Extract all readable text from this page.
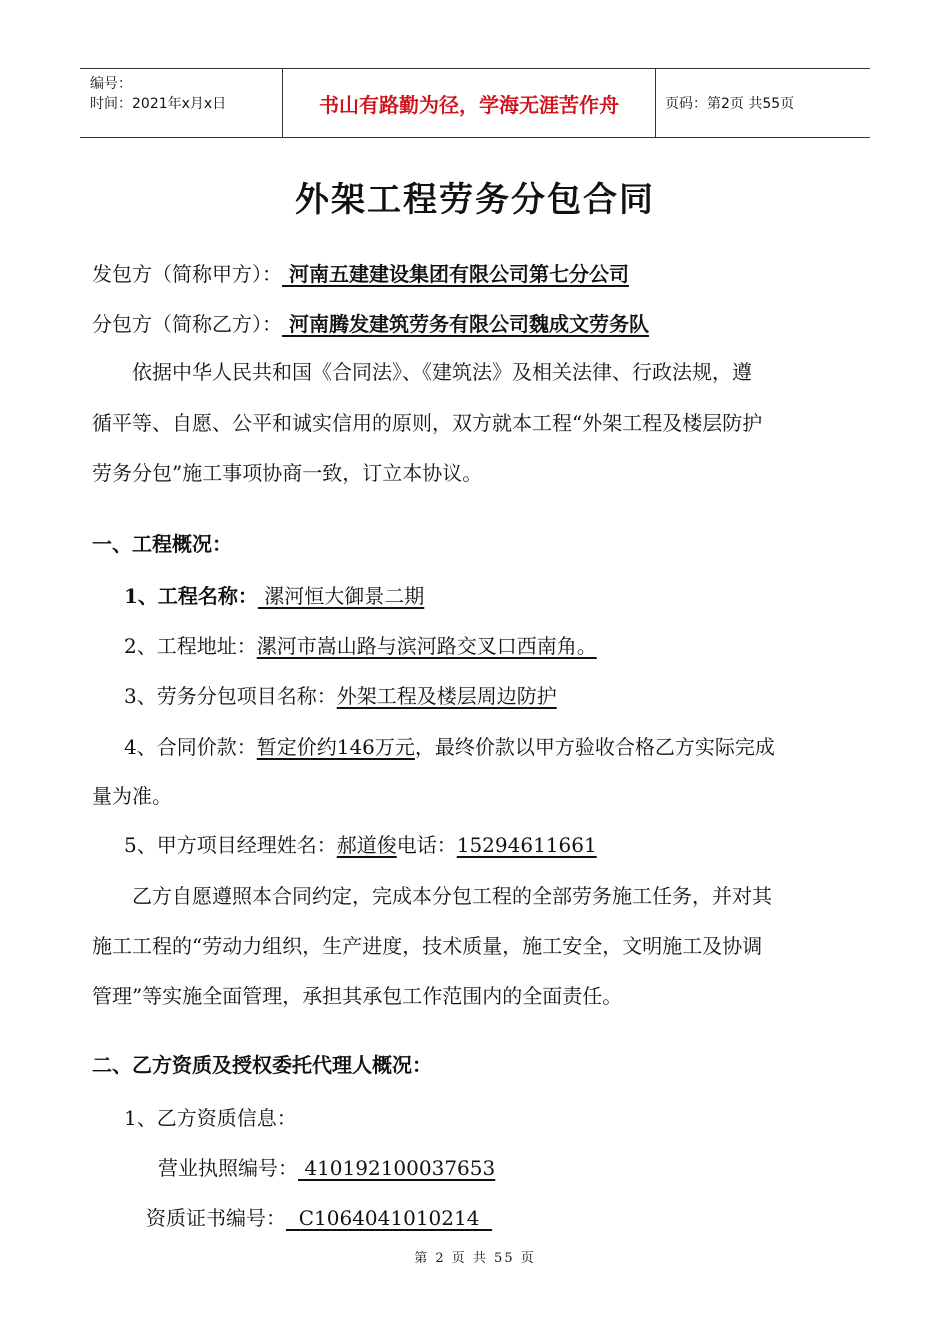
编号：
时间：2021年x月x日	书山有路勤为径，学海无涯苦作舟	页码：第2页 共55页
外架工程劳务分包合同
发包方（简称甲方）： 河南五建建设集团有限公司第七分公司
分包方（简称乙方）： 河南腾发建筑劳务有限公司魏成文劳务队
　　依据中华人民共和国《合同法》、《建筑法》及相关法律、行政法规，遵
循平等、自愿、公平和诚实信用的原则，双方就本工程“外架工程及楼层防护
劳务分包”施工事项协商一致，订立本协议。
一、工程概况：
1、工程名称： 漯河恒大御景二期
2、工程地址：漯河市嵩山路与滨河路交叉口西南角。
3、劳务分包项目名称：外架工程及楼层周边防护
4、合同价款：暂定价约146万元，最终价款以甲方验收合格乙方实际完成
量为准。
5、甲方项目经理姓名：郝道俊电话：15294611661
　　乙方自愿遵照本合同约定，完成本分包工程的全部劳务施工任务，并对其
施工工程的“劳动力组织，生产进度，技术质量，施工安全，文明施工及协调
管理”等实施全面管理，承担其承包工作范围内的全面责任。
二、乙方资质及授权委托代理人概况：
1、乙方资质信息：
营业执照编号： 410192100037653
资质证书编号：  C1064041010214
第 2 页 共 55 页
